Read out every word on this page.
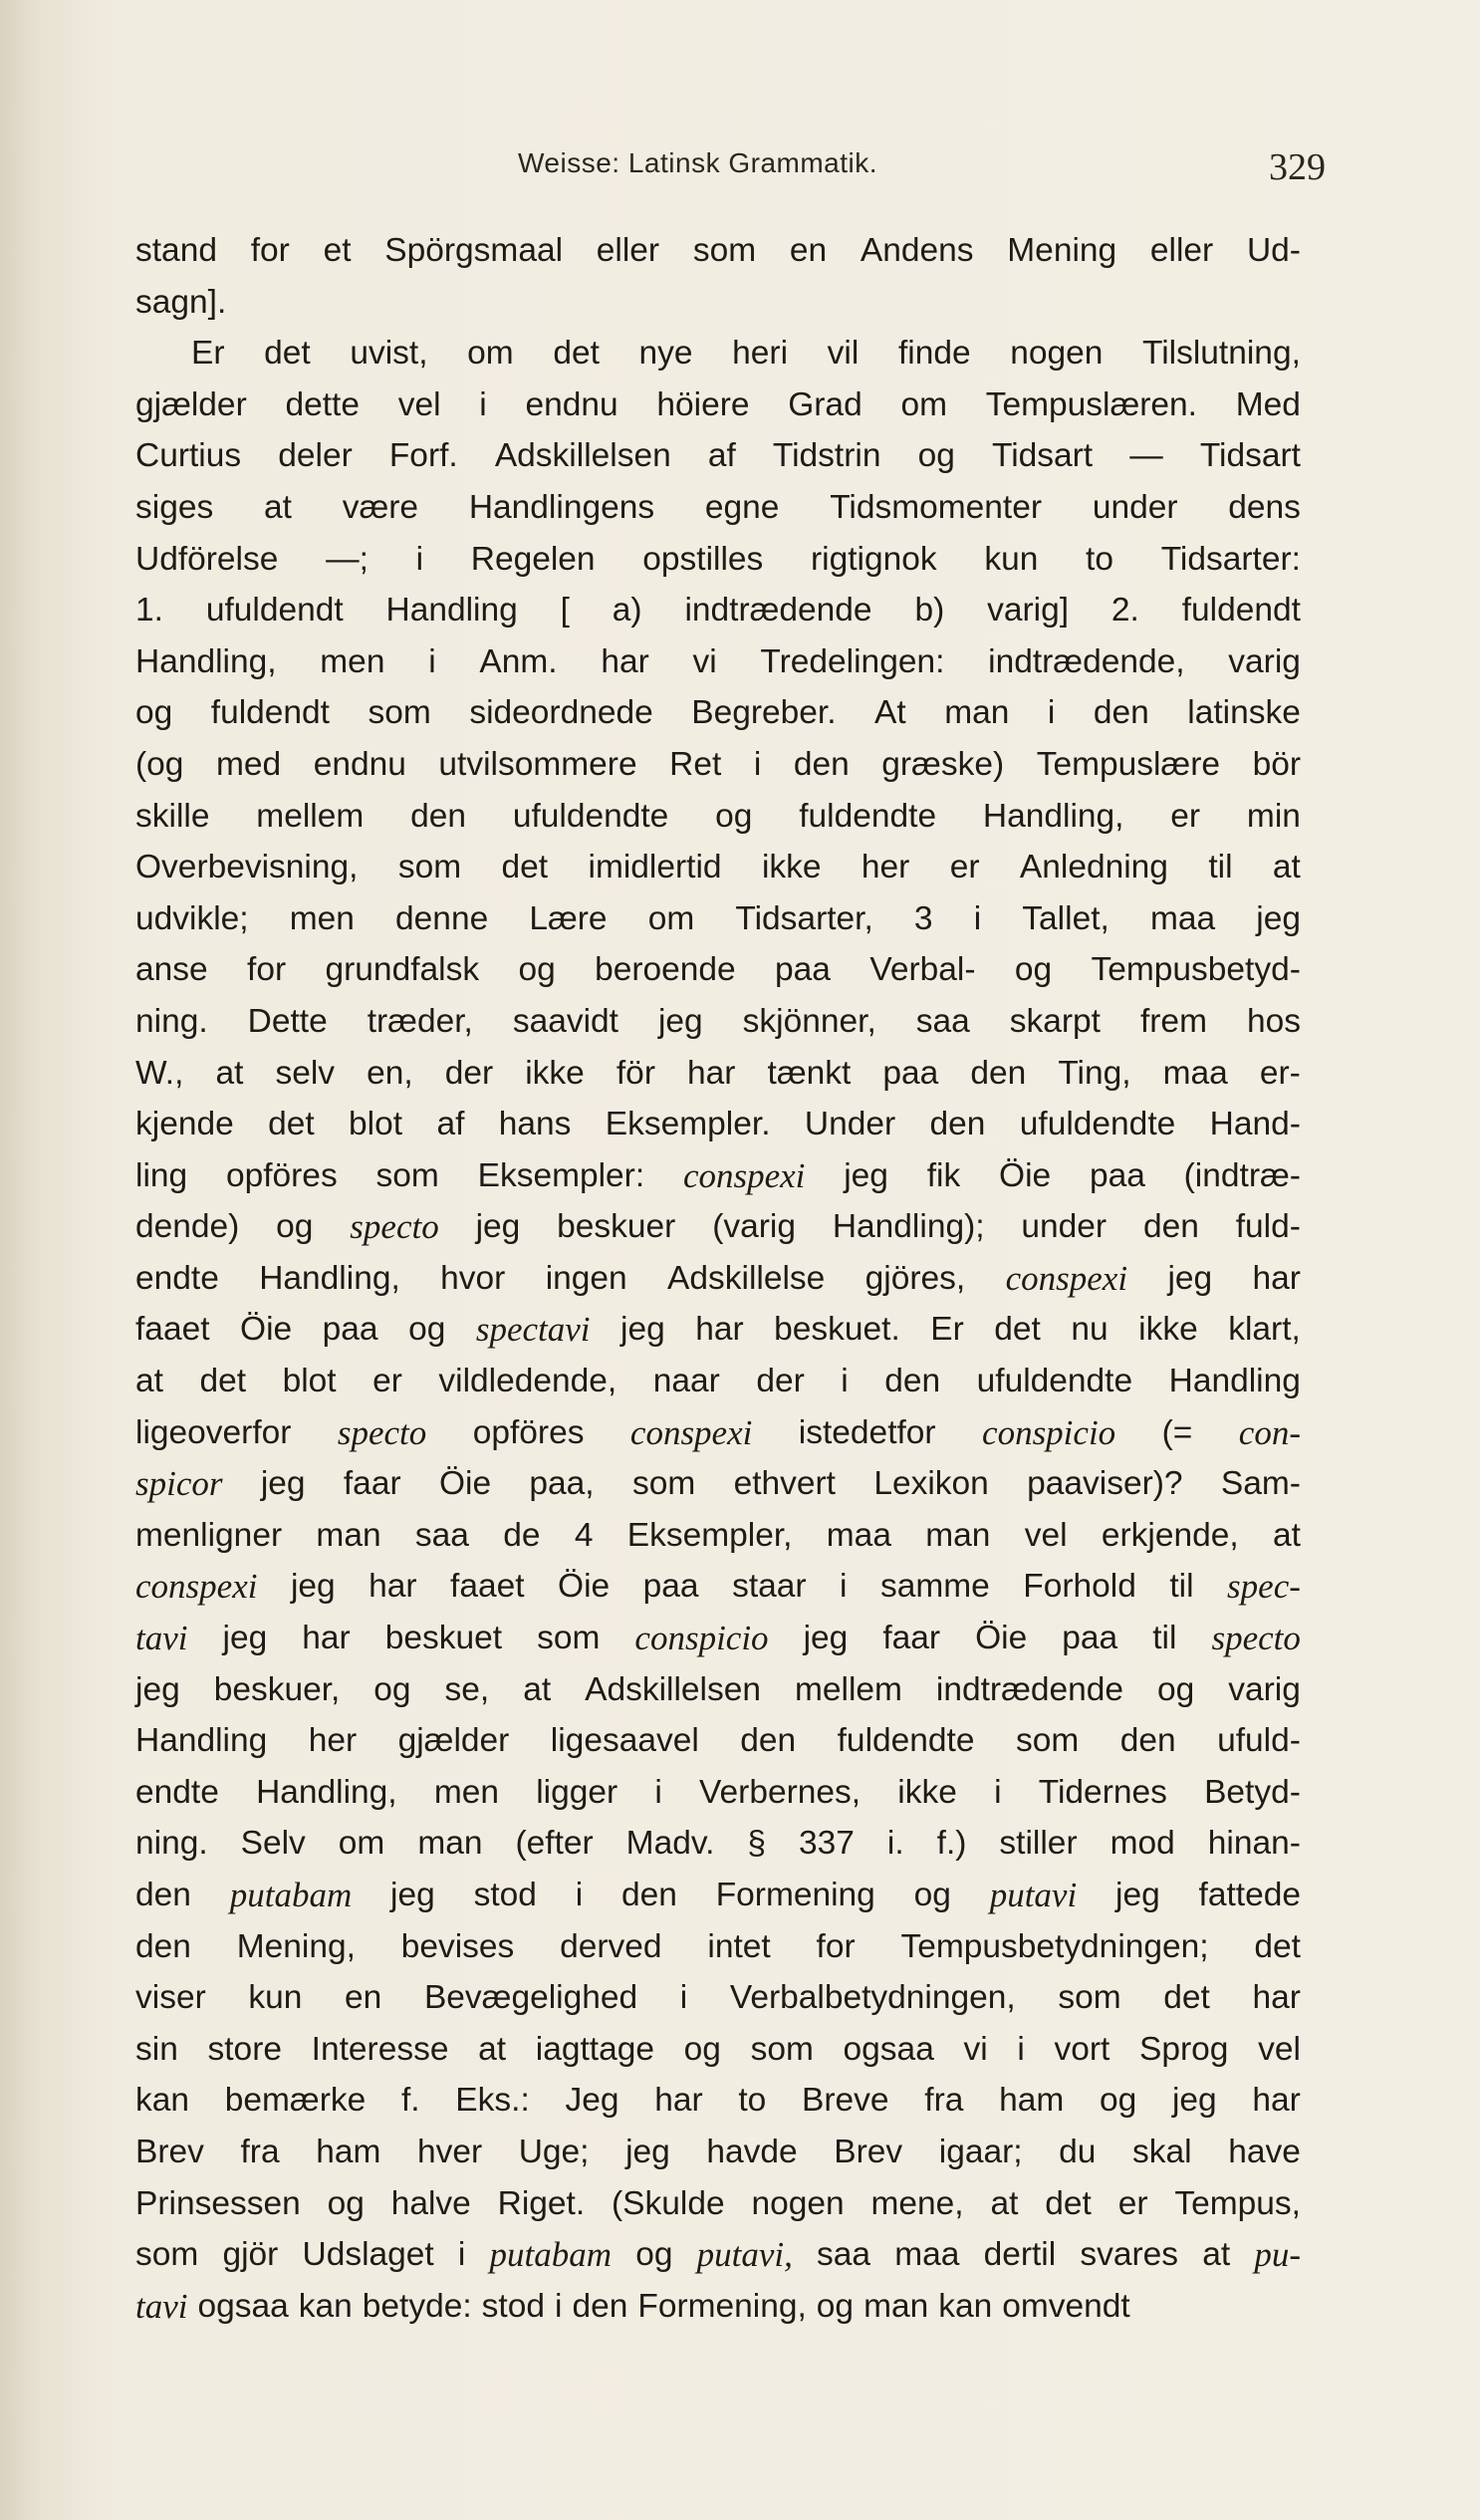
Weisse: Latinsk Grammatik.	329
stand for et Spörgsmaal eller som en Andens Mening eller Ud-
sagn].
Er det uvist, om det nye heri vil finde nogen Tilslutning,
gjælder dette vel i endnu höiere Grad om Tempuslæren. Med
Curtius deler Forf. Adskillelsen af Tidstrin og Tidsart — Tidsart
siges at være Handlingens egne Tidsmomenter under dens
Udförelse —; i Regelen opstilles rigtignok kun to Tidsarter:
1. ufuldendt Handling [ a) indtrædende b) varig] 2. fuldendt
Handling, men i Anm. har vi Tredelingen: indtrædende, varig
og fuldendt som sideordnede Begreber. At man i den latinske
(og med endnu utvilsommere Ret i den græske) Tempuslære bör
skille mellem den ufuldendte og fuldendte Handling, er min
Overbevisning, som det imidlertid ikke her er Anledning til at
udvikle; men denne Lære om Tidsarter, 3 i Tallet, maa jeg
anse for grundfalsk og beroende paa Verbal- og Tempusbetyd-
ning. Dette træder, saavidt jeg skjönner, saa skarpt frem hos
W., at selv en, der ikke för har tænkt paa den Ting, maa er-
kjende det blot af hans Eksempler. Under den ufuldendte Hand-
ling opföres som Eksempler: conspexi jeg fik Öie paa (indtræ-
dende) og specto jeg beskuer (varig Handling); under den fuld-
endte Handling, hvor ingen Adskillelse gjöres, conspexi jeg har
faaet Öie paa og spectavi jeg har beskuet. Er det nu ikke klart,
at det blot er vildledende, naar der i den ufuldendte Handling
ligeoverfor specto opföres conspexi istedetfor conspicio (= con-
spicor jeg faar Öie paa, som ethvert Lexikon paaviser)? Sam-
menligner man saa de 4 Eksempler, maa man vel erkjende, at
conspexi jeg har faaet Öie paa staar i samme Forhold til spec-
tavi jeg har beskuet som conspicio jeg faar Öie paa til specto
jeg beskuer, og se, at Adskillelsen mellem indtrædende og varig
Handling her gjælder ligesaavel den fuldendte som den ufuld-
endte Handling, men ligger i Verbernes, ikke i Tidernes Betyd-
ning. Selv om man (efter Madv. § 337 i. f.) stiller mod hinan-
den putabam jeg stod i den Formening og putavi jeg fattede
den Mening, bevises derved intet for Tempusbetydningen; det
viser kun en Bevægelighed i Verbalbetydningen, som det har
sin store Interesse at iagttage og som ogsaa vi i vort Sprog vel
kan bemærke f. Eks.: Jeg har to Breve fra ham og jeg har
Brev fra ham hver Uge; jeg havde Brev igaar; du skal have
Prinsessen og halve Riget. (Skulde nogen mene, at det er Tempus,
som gjör Udslaget i putabam og putavi, saa maa dertil svares at pu-
tavi ogsaa kan betyde: stod i den Formening, og man kan omvendt
